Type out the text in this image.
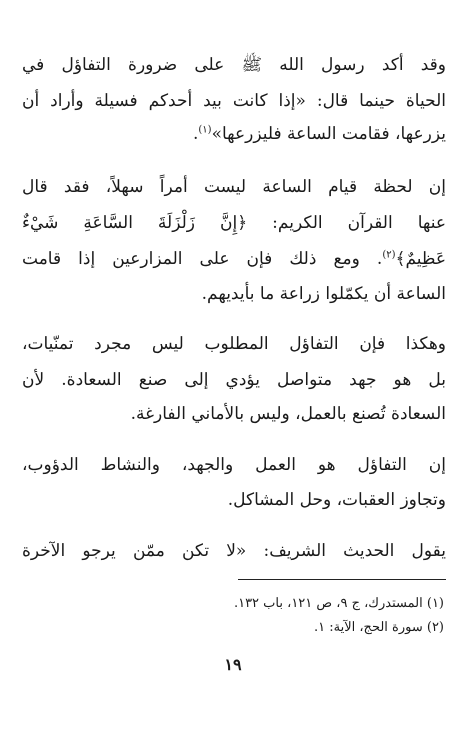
وقد أكد رسول الله ﷺ على ضرورة التفاؤل في
الحياة حينما قال: «إذا كانت بيد أحدكم فسيلة وأراد أن
يزرعها، فقامت الساعة فليزرعها»$^{(١)}$.
إن لحظة قيام الساعة ليست أمراً سهلاً، فقد قال
عنها القرآن الكريم: ﴿إِنَّ زَلْزَلَةَ السَّاعَةِ شَيْءٌ
عَظِيمٌ﴾$^{(٢)}$. ومع ذلك فإن على المزارعين إذا قامت
الساعة أن يكمّلوا زراعة ما بأيديهم.
وهكذا فإن التفاؤل المطلوب ليس مجرد تمنّيات،
بل هو جهد متواصل يؤدي إلى صنع السعادة. لأن
السعادة تُصنع بالعمل، وليس بالأماني الفارغة.
إن التفاؤل هو العمل والجهد، والنشاط الدؤوب،
وتجاوز العقبات، وحل المشاكل.
يقول الحديث الشريف: «لا تكن ممّن يرجو الآخرة
(١) المستدرك، ج ٩، ص ١٢١، باب ١٣٢.
(٢) سورة الحج، الآية: ١.
١٩
